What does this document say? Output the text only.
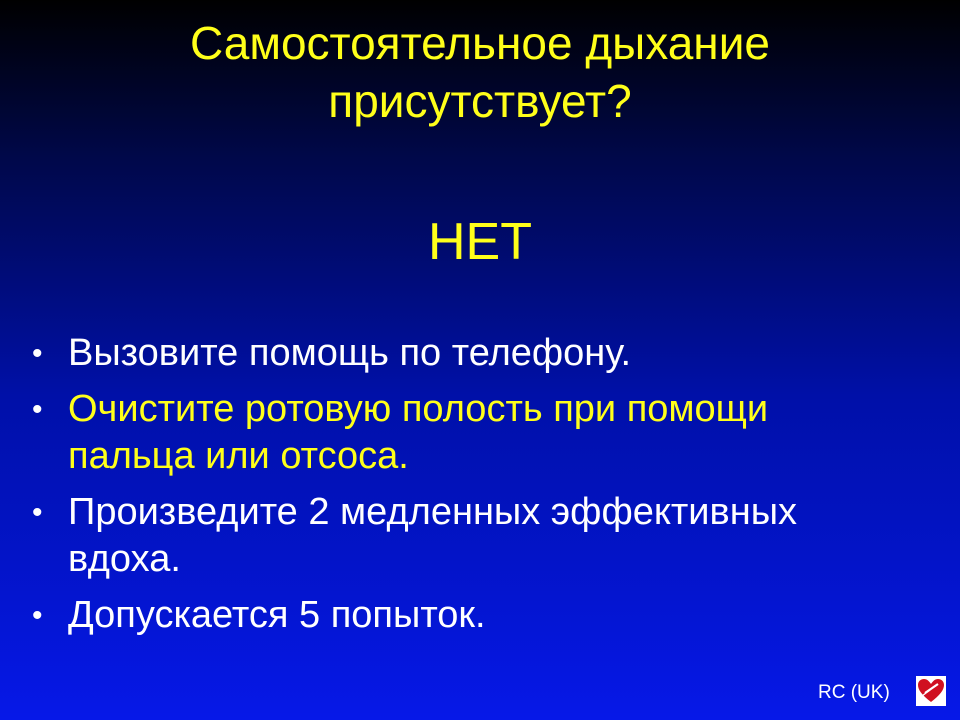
Самостоятельное дыхание
присутствует?
НЕТ
• Вызовите помощь по телефону.
• Очистите ротовую полость при помощи пальца или отсоса.
• Произведите 2 медленных эффективных вдоха.
• Допускается 5 попыток.
RC (UK)
